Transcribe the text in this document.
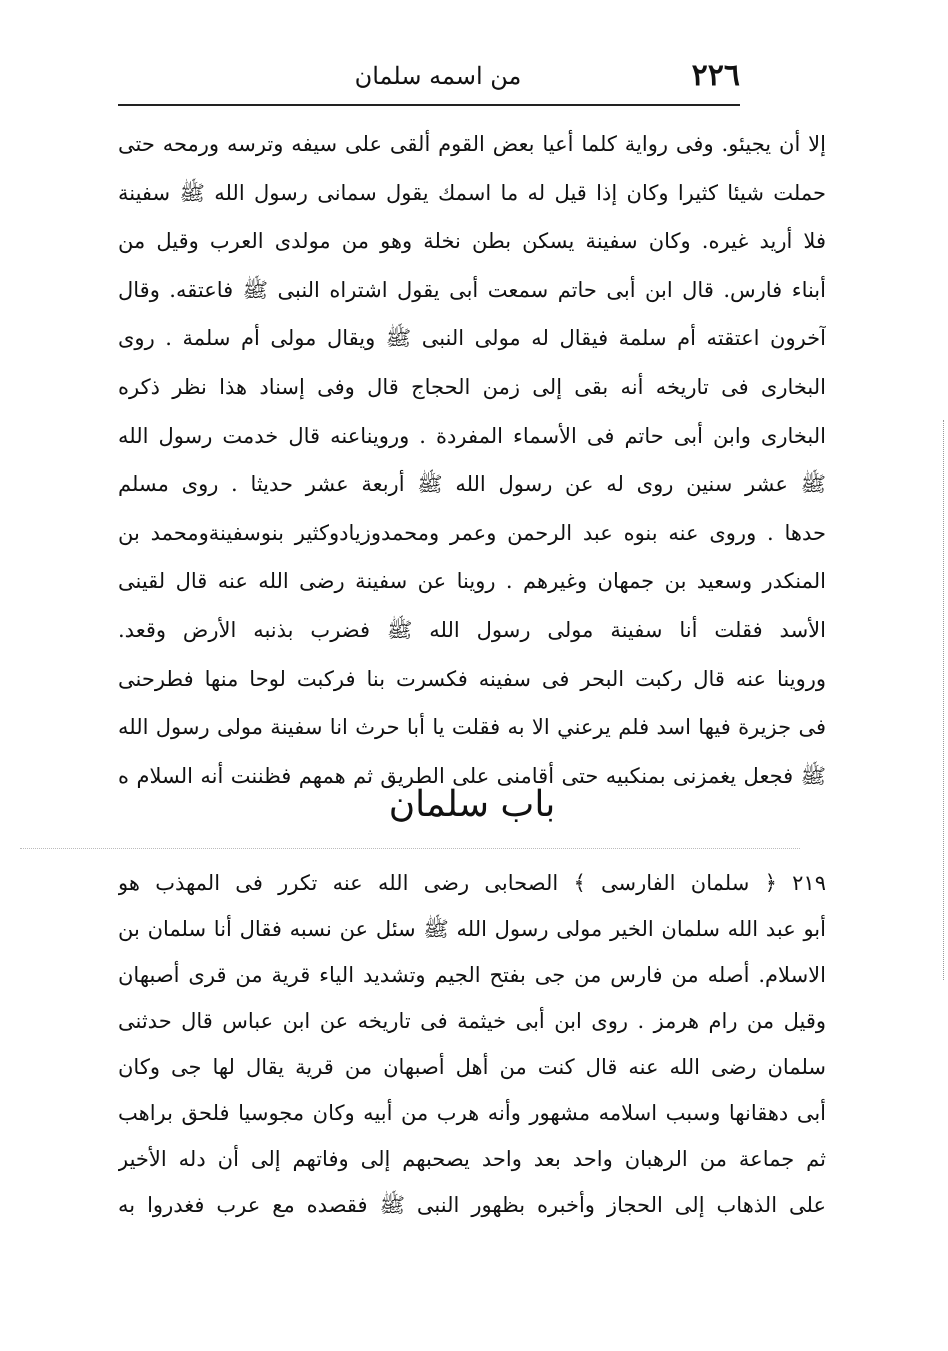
٢٢٦
من اسمه سلمان
إلا أن يجيئو. وفى رواية كلما أعيا بعض القوم ألقى على سيفه وترسه ورمحه حتى
حملت شيئا كثيرا وكان إذا قيل له ما اسمك يقول سمانى رسول الله ﷺ سفينة
فلا أريد غيره. وكان سفينة يسكن بطن نخلة وهو من مولدى العرب وقيل من
أبناء فارس. قال ابن أبى حاتم سمعت أبى يقول اشتراه النبى ﷺ فاعتقه. وقال
آخرون اعتقته أم سلمة فيقال له مولى النبى ﷺ ويقال مولى أم سلمة . روى
البخارى فى تاريخه أنه بقى إلى زمن الحجاج قال وفى إسناد هذا نظر ذكره
البخارى وابن أبى حاتم فى الأسماء المفردة . ورويناعنه قال خدمت رسول الله
ﷺ عشر سنين روى له عن رسول الله ﷺ أربعة عشر حديثا . روى مسلم
حدها . وروى عنه بنوه عبد الرحمن وعمر ومحمدوزيادوكثير بنوسفينةومحمد بن
المنكدر وسعيد بن جمهان وغيرهم . روينا عن سفينة رضى الله عنه قال لقينى
الأسد فقلت أنا سفينة مولى رسول الله ﷺ فضرب بذنبه الأرض وقعد.
وروينا عنه قال ركبت البحر فى سفينه فكسرت بنا فركبت لوحا منها فطرحنى
فى جزيرة فيها اسد فلم يرعني الا به فقلت يا أبا حرث انا سفينة مولى رسول الله
ﷺ فجعل يغمزنى بمنكبيه حتى أقامنى على الطريق ثم همهم فظننت أنه السلام ه
باب سلمان
٢١٩ ﴿ سلمان الفارسى ﴾ الصحابى رضى الله عنه تكرر فى المهذب هو
أبو عبد الله سلمان الخير مولى رسول الله ﷺ سئل عن نسبه فقال أنا سلمان بن
الاسلام. أصله من فارس من جى بفتح الجيم وتشديد الياء قرية من قرى أصبهان
وقيل من رام هرمز . روى ابن أبى خيثمة فى تاريخه عن ابن عباس قال حدثنى
سلمان رضى الله عنه قال كنت من أهل أصبهان من قرية يقال لها جى وكان
أبى دهقانها وسبب اسلامه مشهور وأنه هرب من أبيه وكان مجوسيا فلحق براهب
ثم جماعة من الرهبان واحد بعد واحد يصحبهم إلى وفاتهم إلى أن دله الأخير
على الذهاب إلى الحجاز وأخبره بظهور النبى ﷺ فقصده مع عرب فغدروا به
